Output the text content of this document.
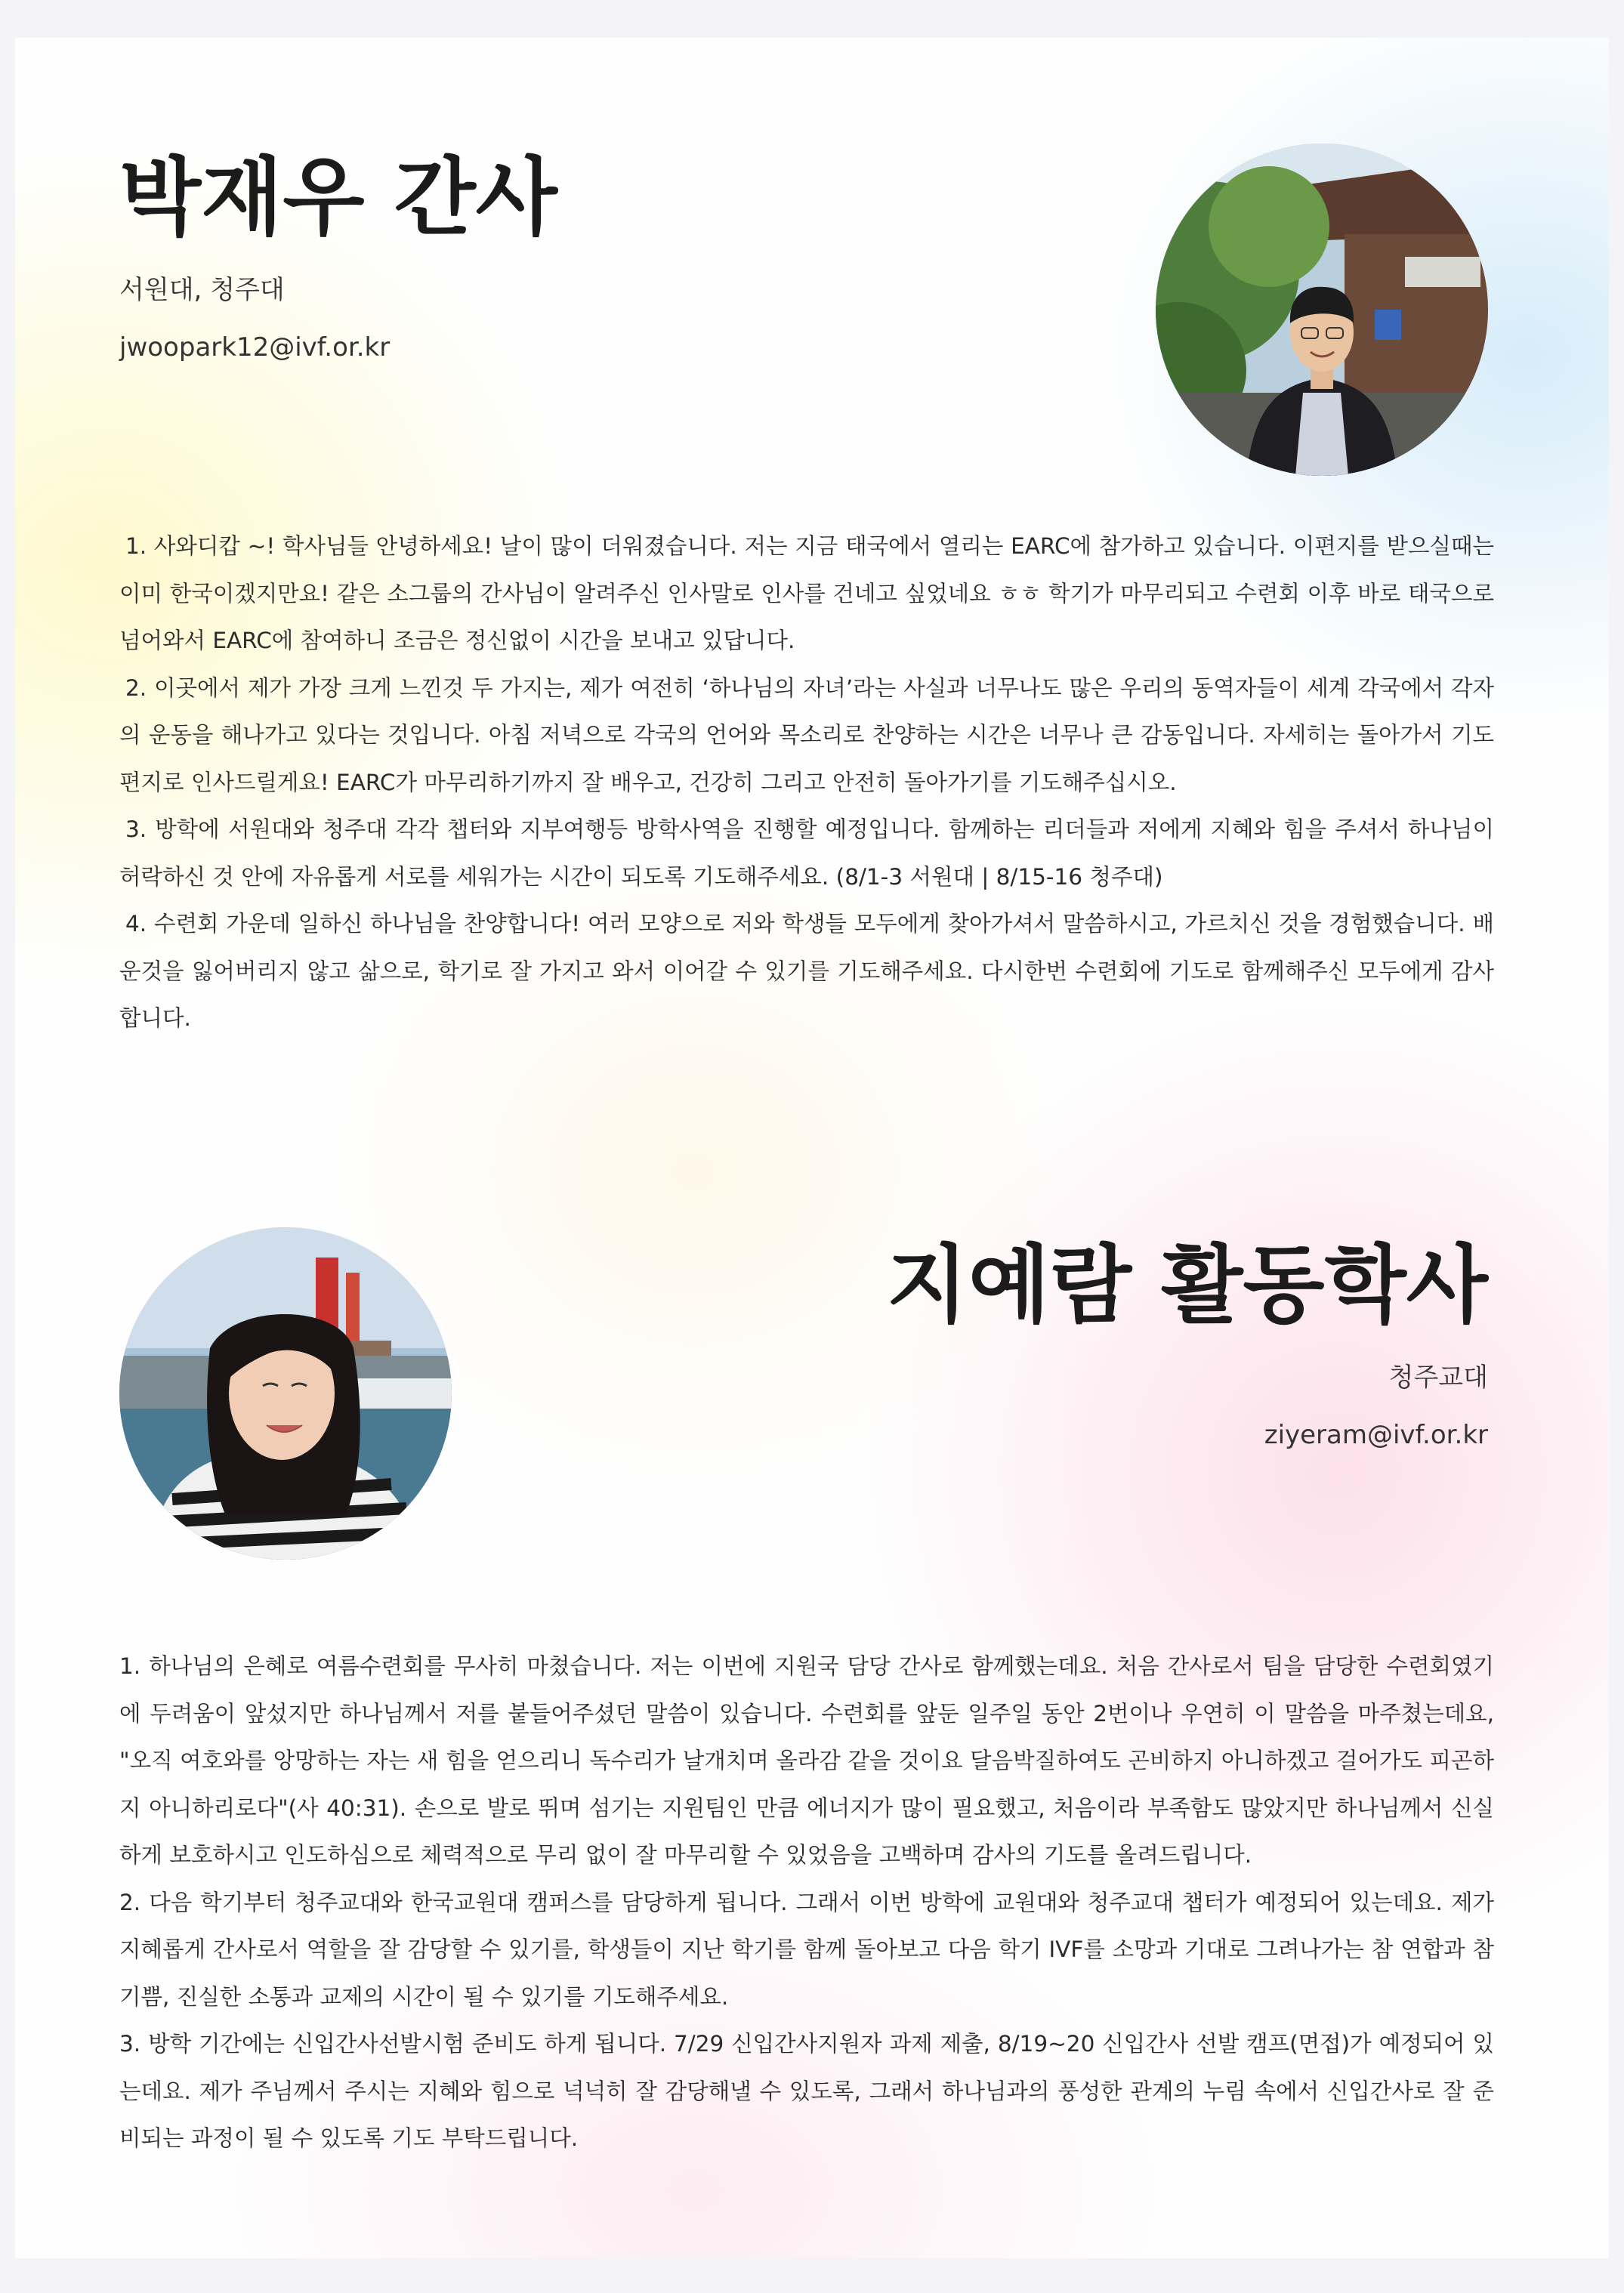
박재우 간사
서원대, 청주대
jwoopark12@ivf.or.kr

1. 사와디캅 ~! 학사님들 안녕하세요! 날이 많이 더워졌습니다. 저는 지금 태국에서 열리는 EARC에 참가하고 있습니다. 이편지를 받으실때는 이미 한국이겠지만요! 같은 소그룹의 간사님이 알려주신 인사말로 인사를 건네고 싶었네요 ㅎㅎ 학기가 마무리되고 수련회 이후 바로 태국으로 넘어와서 EARC에 참여하니 조금은 정신없이 시간을 보내고 있답니다.

2. 이곳에서 제가 가장 크게 느낀것 두 가지는, 제가 여전히 ‘하나님의 자녀’라는 사실과 너무나도 많은 우리의 동역자들이 세계 각국에서 각자의 운동을 해나가고 있다는 것입니다. 아침 저녁으로 각국의 언어와 목소리로 찬양하는 시간은 너무나 큰 감동입니다. 자세히는 돌아가서 기도편지로 인사드릴게요! EARC가 마무리하기까지 잘 배우고, 건강히 그리고 안전히 돌아가기를 기도해주십시오.

3. 방학에 서원대와 청주대 각각 챕터와 지부여행등 방학사역을 진행할 예정입니다. 함께하는 리더들과 저에게 지혜와 힘을 주셔서 하나님이 허락하신 것 안에 자유롭게 서로를 세워가는 시간이 되도록 기도해주세요. (8/1-3 서원대 | 8/15-16 청주대)

4. 수련회 가운데 일하신 하나님을 찬양합니다! 여러 모양으로 저와 학생들 모두에게 찾아가셔서 말씀하시고, 가르치신 것을 경험했습니다. 배운것을 잃어버리지 않고 삶으로, 학기로 잘 가지고 와서 이어갈 수 있기를 기도해주세요. 다시한번 수련회에 기도로 함께해주신 모두에게 감사합니다.

지예람 활동학사
청주교대
ziyeram@ivf.or.kr

1. 하나님의 은혜로 여름수련회를 무사히 마쳤습니다. 저는 이번에 지원국 담당 간사로 함께했는데요. 처음 간사로서 팀을 담당한 수련회였기에 두려움이 앞섰지만 하나님께서 저를 붙들어주셨던 말씀이 있습니다. 수련회를 앞둔 일주일 동안 2번이나 우연히 이 말씀을 마주쳤는데요, "오직 여호와를 앙망하는 자는 새 힘을 얻으리니 독수리가 날개치며 올라감 같을 것이요 달음박질하여도 곤비하지 아니하겠고 걸어가도 피곤하지 아니하리로다"(사 40:31). 손으로 발로 뛰며 섬기는 지원팀인 만큼 에너지가 많이 필요했고, 처음이라 부족함도 많았지만 하나님께서 신실하게 보호하시고 인도하심으로 체력적으로 무리 없이 잘 마무리할 수 있었음을 고백하며 감사의 기도를 올려드립니다.

2. 다음 학기부터 청주교대와 한국교원대 캠퍼스를 담당하게 됩니다. 그래서 이번 방학에 교원대와 청주교대 챕터가 예정되어 있는데요. 제가 지혜롭게 간사로서 역할을 잘 감당할 수 있기를, 학생들이 지난 학기를 함께 돌아보고 다음 학기 IVF를 소망과 기대로 그려나가는 참 연합과 참 기쁨, 진실한 소통과 교제의 시간이 될 수 있기를 기도해주세요.

3. 방학 기간에는 신입간사선발시험 준비도 하게 됩니다. 7/29 신입간사지원자 과제 제출, 8/19~20 신입간사 선발 캠프(면접)가 예정되어 있는데요. 제가 주님께서 주시는 지혜와 힘으로 넉넉히 잘 감당해낼 수 있도록, 그래서 하나님과의 풍성한 관계의 누림 속에서 신입간사로 잘 준비되는 과정이 될 수 있도록 기도 부탁드립니다.
